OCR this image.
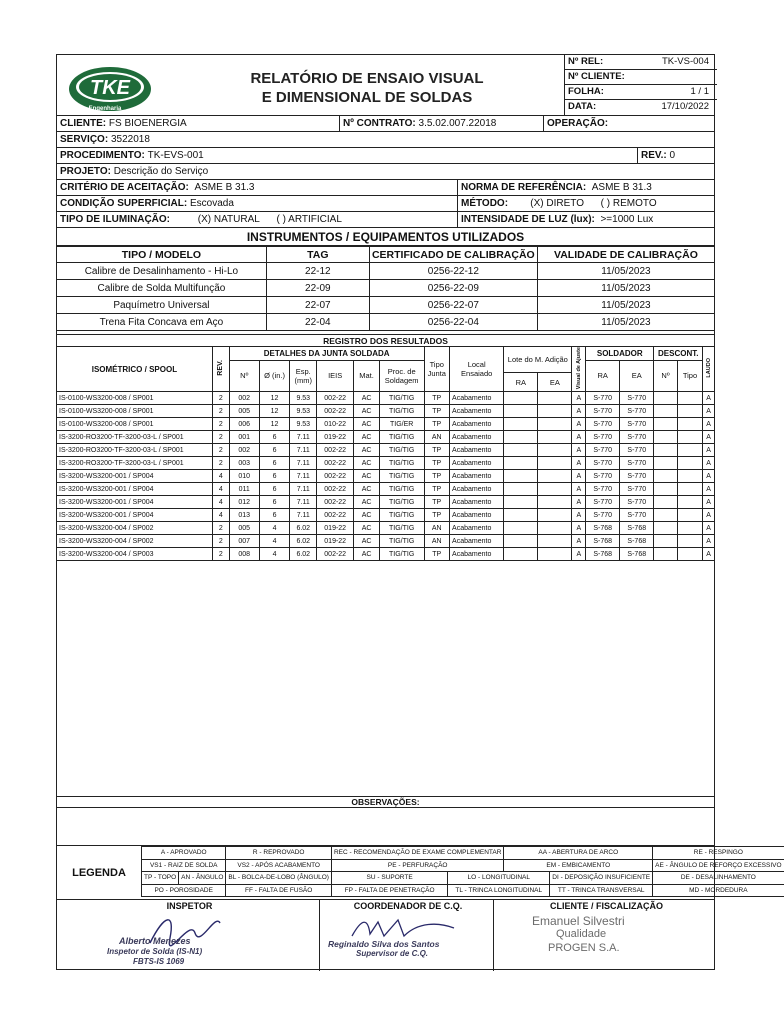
TKE
Engenharia
RELATÓRIO DE ENSAIO VISUAL
E DIMENSIONAL DE SOLDAS
Nº REL:	TK-VS-004
Nº CLIENTE:
FOLHA:	1 / 1
DATA:	17/10/2022
CLIENTE:
FS BIOENERGIA	Nº CONTRATO:
3.5.02.007.22018	OPERAÇÃO:
SERVIÇO:
3522018
PROCEDIMENTO:
TK-EVS-001	REV.:
0
PROJETO:
Descrição do Serviço
CRITÉRIO DE ACEITAÇÃO:
ASME B 31.3	NORMA DE REFERÊNCIA:
ASME B 31.3
CONDIÇÃO SUPERFICIAL:
Escovada	MÉTODO:
(X) DIRETO
( ) REMOTO
TIPO DE ILUMINAÇÃO:
	(X) NATURAL
( ) ARTIFICIAL	INTENSIDADE DE LUZ (lux):
>=1000 Lux
INSTRUMENTOS / EQUIPAMENTOS UTILIZADOS
TIPO / MODELO	TAG	CERTIFICADO DE CALIBRAÇÃO	VALIDADE DE CALIBRAÇÃO
Calibre de Desalinhamento - Hi-Lo	22-12	0256-22-12	11/05/2023
Calibre de Solda Multifunção	22-09	0256-22-09	11/05/2023
Paquímetro Universal	22-07	0256-22-07	11/05/2023
Trena Fita Concava em Aço	22-04	0256-22-04	11/05/2023
REGISTRO DOS RESULTADOS																	
ISOMÉTRICO / SPOOL	REV.	DETALHES DA JUNTA SOLDADA						Tipo Junta	Local Ensaiado	Lote do M. Adição		Visual de Ajuste	SOLDADOR		DESCONT.		LAUDO
		Nº	Ø (in.)	Esp. (mm)	IEIS	Mat.	Proc. de Soldagem						RA	EA	Nº	Tipo	
										RA	EA						
IS-0100-WS3200-008 / SP001	2	002	12	9.53	002-22	AC	TIG/TIG	TP	Acabamento			A	S-770	S-770			A
IS-0100-WS3200-008 / SP001	2	005	12	9.53	002-22	AC	TIG/TIG	TP	Acabamento			A	S-770	S-770			A
IS-0100-WS3200-008 / SP001	2	006	12	9.53	010-22	AC	TIG/ER	TP	Acabamento			A	S-770	S-770			A
IS-3200-RO3200-TF-3200-03-L / SP001	2	001	6	7.11	019-22	AC	TIG/TIG	AN	Acabamento			A	S-770	S-770			A
IS-3200-RO3200-TF-3200-03-L / SP001	2	002	6	7.11	002-22	AC	TIG/TIG	TP	Acabamento			A	S-770	S-770			A
IS-3200-RO3200-TF-3200-03-L / SP001	2	003	6	7.11	002-22	AC	TIG/TIG	TP	Acabamento			A	S-770	S-770			A
IS-3200-WS3200-001 / SP004	4	010	6	7.11	002-22	AC	TIG/TIG	TP	Acabamento			A	S-770	S-770			A
IS-3200-WS3200-001 / SP004	4	011	6	7.11	002-22	AC	TIG/TIG	TP	Acabamento			A	S-770	S-770			A
IS-3200-WS3200-001 / SP004	4	012	6	7.11	002-22	AC	TIG/TIG	TP	Acabamento			A	S-770	S-770			A
IS-3200-WS3200-001 / SP004	4	013	6	7.11	002-22	AC	TIG/TIG	TP	Acabamento			A	S-770	S-770			A
IS-3200-WS3200-004 / SP002	2	005	4	6.02	019-22	AC	TIG/TIG	AN	Acabamento			A	S-768	S-768			A
IS-3200-WS3200-004 / SP002	2	007	4	6.02	019-22	AC	TIG/TIG	AN	Acabamento			A	S-768	S-768			A
IS-3200-WS3200-004 / SP003	2	008	4	6.02	002-22	AC	TIG/TIG	TP	Acabamento			A	S-768	S-768			A

OBSERVAÇÕES:
LEGENDA
A - APROVADO		R - REPROVADO	REC - RECOMENDAÇÃO DE EXAME COMPLEMENTAR		AA - ABERTURA DE ARCO		RE - RESPINGO
VS1 - RAIZ DE SOLDA		VS2 - APÓS ACABAMENTO	PE - PERFURAÇÃO		EM - EMBICAMENTO		AE - ÂNGULO DE REFORÇO EXCESSIVO
TP - TOPO	AN - ÂNGULO	BL - BOLCA-DE-LOBO (ÂNGULO)	SU - SUPORTE	LO - LONGITUDINAL		DI - DEPOSIÇÃO INSUFICIENTE	DE - DESALINHAMENTO
PO - POROSIDADE		FF - FALTA DE FUSÃO	FP - FALTA DE PENETRAÇÃO	TL - TRINCA LONGITUDINAL		TT - TRINCA TRANSVERSAL	MD - MORDEDURA
INSPETOR
Alberto Menezes
Inspetor de Solda (IS-N1)
FBTS-IS 1069
COORDENADOR DE C.Q.
Reginaldo Silva dos Santos
Supervisor de C.Q.
CLIENTE / FISCALIZAÇÃO
Emanuel Silvestri
Qualidade
PROGEN S.A.
